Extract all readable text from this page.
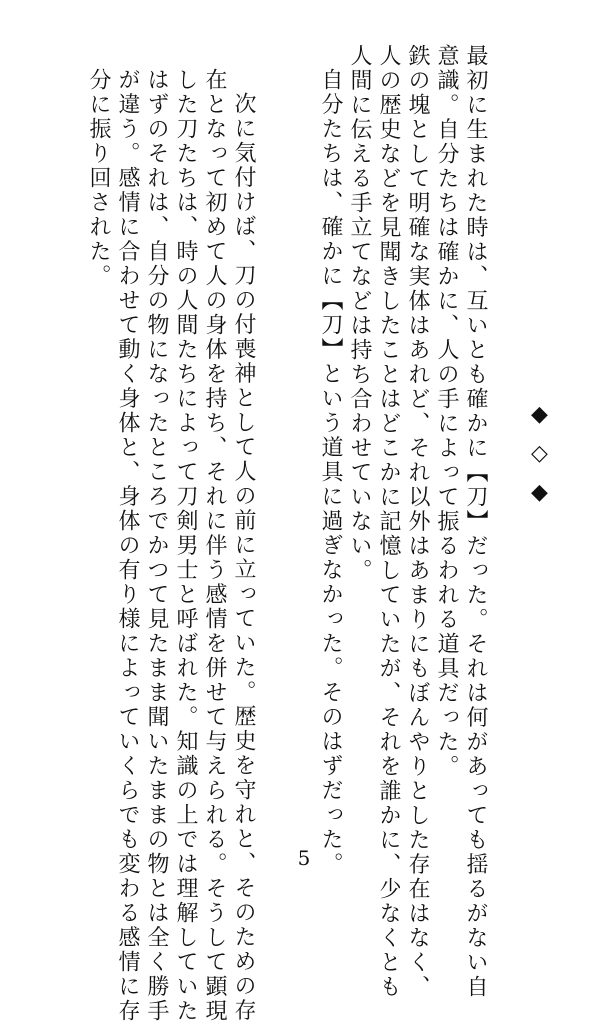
最初に生まれた時は、互いとも確かに【刀】だった。それは何があっても揺るがない自
意識。自分たちは確かに、人の手によって振るわれる道具だった。
鉄の塊として明確な実体はあれど、それ以外はあまりにもぼんやりとした存在はなく、
人の歴史などを見聞きしたことはどこかに記憶していたが、それを誰かに、少なくとも
人間に伝える手立てなどは持ち合わせていない。
自分たちは、確かに【刀】という道具に過ぎなかった。そのはずだった。	◆◇◆
次に気付けば、刀の付喪神として人の前に立っていた。歴史を守れと、そのための存
在となって初めて人の身体を持ち、それに伴う感情を併せて与えられる。そうして顕現
した刀たちは、時の人間たちによって刀剣男士と呼ばれた。知識の上では理解していた
はずのそれは、自分の物になったところでかつて見たまま聞いたままの物とは全く勝手
が違う。感情に合わせて動く身体と、身体の有り様によっていくらでも変わる感情に存
分に振り回された。
5
